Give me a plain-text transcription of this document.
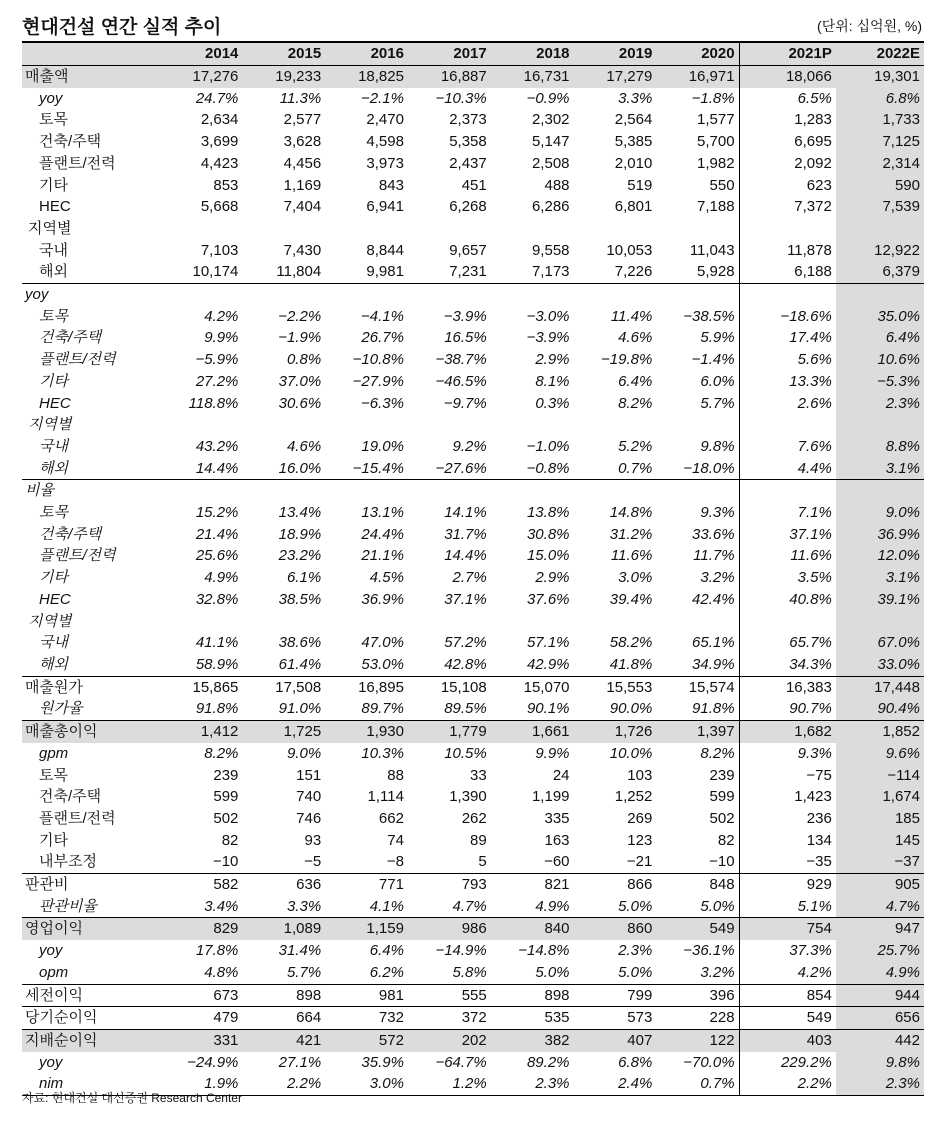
현대건설 연간 실적 추이	(단위: 십억원, %)
	2014	2015	2016	2017	2018	2019	2020	2021P	2022E
매출액	17,276	19,233	18,825	16,887	16,731	17,279	16,971	18,066	19,301
yoy	24.7%	11.3%	−2.1%	−10.3%	−0.9%	3.3%	−1.8%	6.5%	6.8%
토목	2,634	2,577	2,470	2,373	2,302	2,564	1,577	1,283	1,733
건축/주택	3,699	3,628	4,598	5,358	5,147	5,385	5,700	6,695	7,125
플랜트/전력	4,423	4,456	3,973	2,437	2,508	2,010	1,982	2,092	2,314
기타	853	1,169	843	451	488	519	550	623	590
HEC	5,668	7,404	6,941	6,268	6,286	6,801	7,188	7,372	7,539
지역별									
국내	7,103	7,430	8,844	9,657	9,558	10,053	11,043	11,878	12,922
해외	10,174	11,804	9,981	7,231	7,173	7,226	5,928	6,188	6,379
yoy									
토목	4.2%	−2.2%	−4.1%	−3.9%	−3.0%	11.4%	−38.5%	−18.6%	35.0%
건축/주택	9.9%	−1.9%	26.7%	16.5%	−3.9%	4.6%	5.9%	17.4%	6.4%
플랜트/전력	−5.9%	0.8%	−10.8%	−38.7%	2.9%	−19.8%	−1.4%	5.6%	10.6%
기타	27.2%	37.0%	−27.9%	−46.5%	8.1%	6.4%	6.0%	13.3%	−5.3%
HEC	118.8%	30.6%	−6.3%	−9.7%	0.3%	8.2%	5.7%	2.6%	2.3%
지역별									
국내	43.2%	4.6%	19.0%	9.2%	−1.0%	5.2%	9.8%	7.6%	8.8%
해외	14.4%	16.0%	−15.4%	−27.6%	−0.8%	0.7%	−18.0%	4.4%	3.1%
비율									
토목	15.2%	13.4%	13.1%	14.1%	13.8%	14.8%	9.3%	7.1%	9.0%
건축/주택	21.4%	18.9%	24.4%	31.7%	30.8%	31.2%	33.6%	37.1%	36.9%
플랜트/전력	25.6%	23.2%	21.1%	14.4%	15.0%	11.6%	11.7%	11.6%	12.0%
기타	4.9%	6.1%	4.5%	2.7%	2.9%	3.0%	3.2%	3.5%	3.1%
HEC	32.8%	38.5%	36.9%	37.1%	37.6%	39.4%	42.4%	40.8%	39.1%
지역별									
국내	41.1%	38.6%	47.0%	57.2%	57.1%	58.2%	65.1%	65.7%	67.0%
해외	58.9%	61.4%	53.0%	42.8%	42.9%	41.8%	34.9%	34.3%	33.0%
매출원가	15,865	17,508	16,895	15,108	15,070	15,553	15,574	16,383	17,448
원가율	91.8%	91.0%	89.7%	89.5%	90.1%	90.0%	91.8%	90.7%	90.4%
매출총이익	1,412	1,725	1,930	1,779	1,661	1,726	1,397	1,682	1,852
gpm	8.2%	9.0%	10.3%	10.5%	9.9%	10.0%	8.2%	9.3%	9.6%
토목	239	151	88	33	24	103	239	−75	−114
건축/주택	599	740	1,114	1,390	1,199	1,252	599	1,423	1,674
플랜트/전력	502	746	662	262	335	269	502	236	185
기타	82	93	74	89	163	123	82	134	145
내부조정	−10	−5	−8	5	−60	−21	−10	−35	−37
판관비	582	636	771	793	821	866	848	929	905
판관비율	3.4%	3.3%	4.1%	4.7%	4.9%	5.0%	5.0%	5.1%	4.7%
영업이익	829	1,089	1,159	986	840	860	549	754	947
yoy	17.8%	31.4%	6.4%	−14.9%	−14.8%	2.3%	−36.1%	37.3%	25.7%
opm	4.8%	5.7%	6.2%	5.8%	5.0%	5.0%	3.2%	4.2%	4.9%
세전이익	673	898	981	555	898	799	396	854	944
당기순이익	479	664	732	372	535	573	228	549	656
지배순이익	331	421	572	202	382	407	122	403	442
yoy	−24.9%	27.1%	35.9%	−64.7%	89.2%	6.8%	−70.0%	229.2%	9.8%
nim	1.9%	2.2%	3.0%	1.2%	2.3%	2.4%	0.7%	2.2%	2.3%
자료: 현대건설 대신증권 Research Center
